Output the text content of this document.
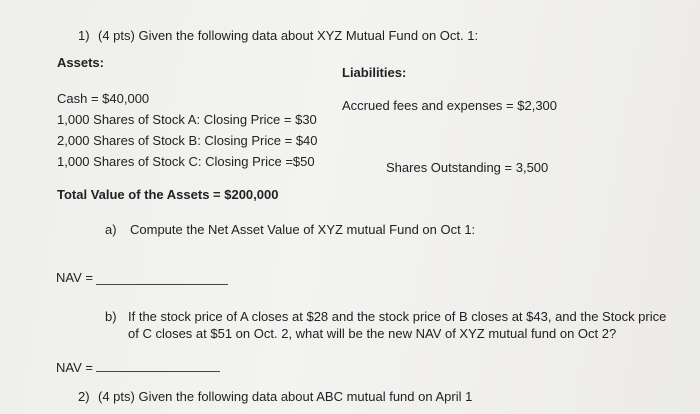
1) (4 pts) Given the following data about XYZ Mutual Fund on Oct. 1:
Assets:
Liabilities:
Cash = $40,000	Accrued fees and expenses = $2,300
1,000 Shares of Stock A: Closing Price = $30
2,000 Shares of Stock B: Closing Price = $40
1,000 Shares of Stock C: Closing Price =$50	Shares Outstanding = 3,500
Total Value of the Assets = $200,000
a) Compute the Net Asset Value of XYZ mutual Fund on Oct 1:
NAV =
b) If the stock price of A closes at $28 and the stock price of B closes at $43, and the Stock price
of C closes at $51 on Oct. 2, what will be the new NAV of XYZ mutual fund on Oct 2?
NAV =
2) (4 pts) Given the following data about ABC mutual fund on April 1
